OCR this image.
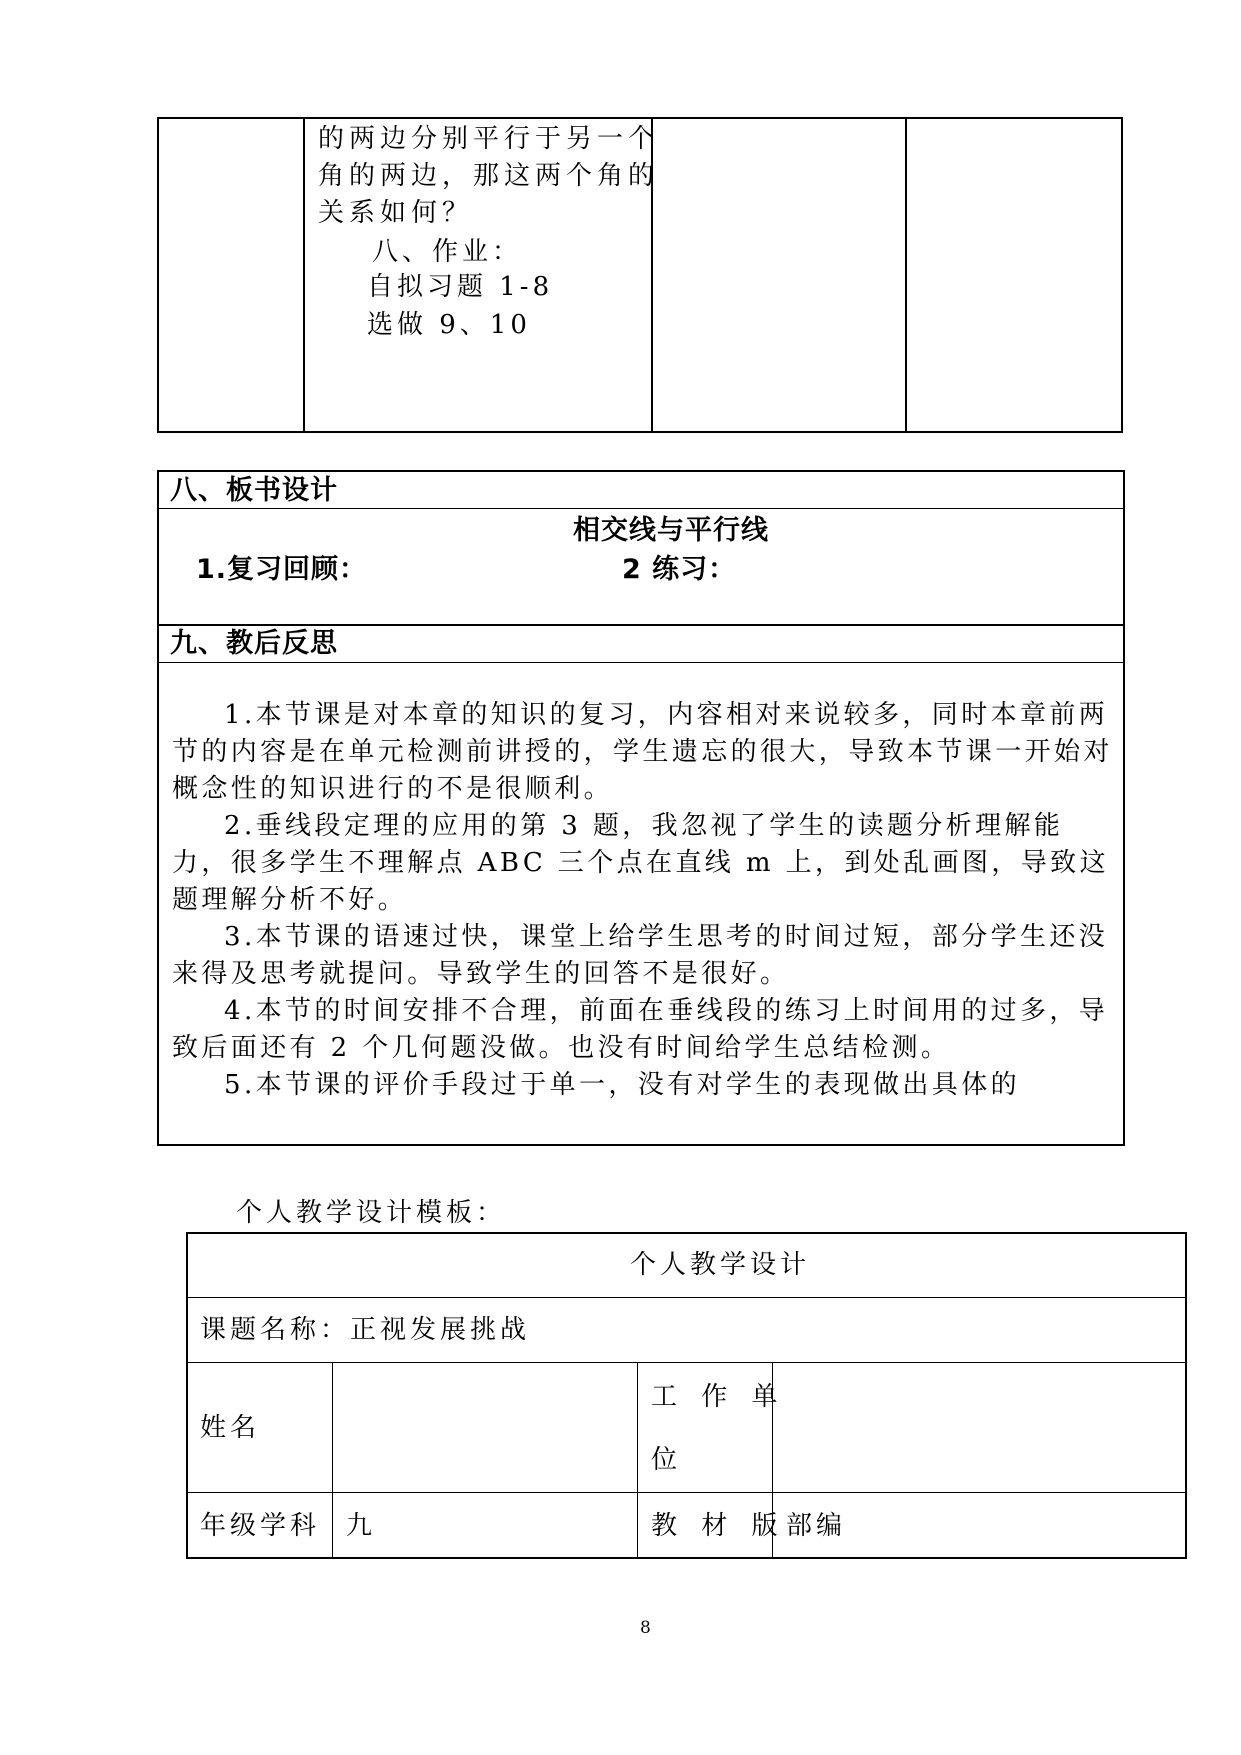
的两边分别平行于另一个
角的两边，那这两个角的
关系如何？
八、作业：
自拟习题 1-8
选做 9、10
八、板书设计
相交线与平行线
1.复习回顾：	2 练习：
九、教后反思

1.本节课是对本章的知识的复习，内容相对来说较多，同时本章前两节的内容是在单元检测前讲授的，学生遗忘的很大，导致本节课一开始对概念性的知识进行的不是很顺利。

2.垂线段定理的应用的第 3 题，我忽视了学生的读题分析理解能力，很多学生不理解点 ABC 三个点在直线 m 上，到处乱画图，导致这题理解分析不好。

3.本节课的语速过快，课堂上给学生思考的时间过短，部分学生还没来得及思考就提问。导致学生的回答不是很好。

4.本节的时间安排不合理，前面在垂线段的练习上时间用的过多，导致后面还有 2 个几何题没做。也没有时间给学生总结检测。

5.本节课的评价手段过于单一，没有对学生的表现做出具体的

个人教学设计模板：
个人教学设计
课题名称：正视发展挑战
姓名
工 作 单
位
年级学科 九	教 材 版 部编
8
